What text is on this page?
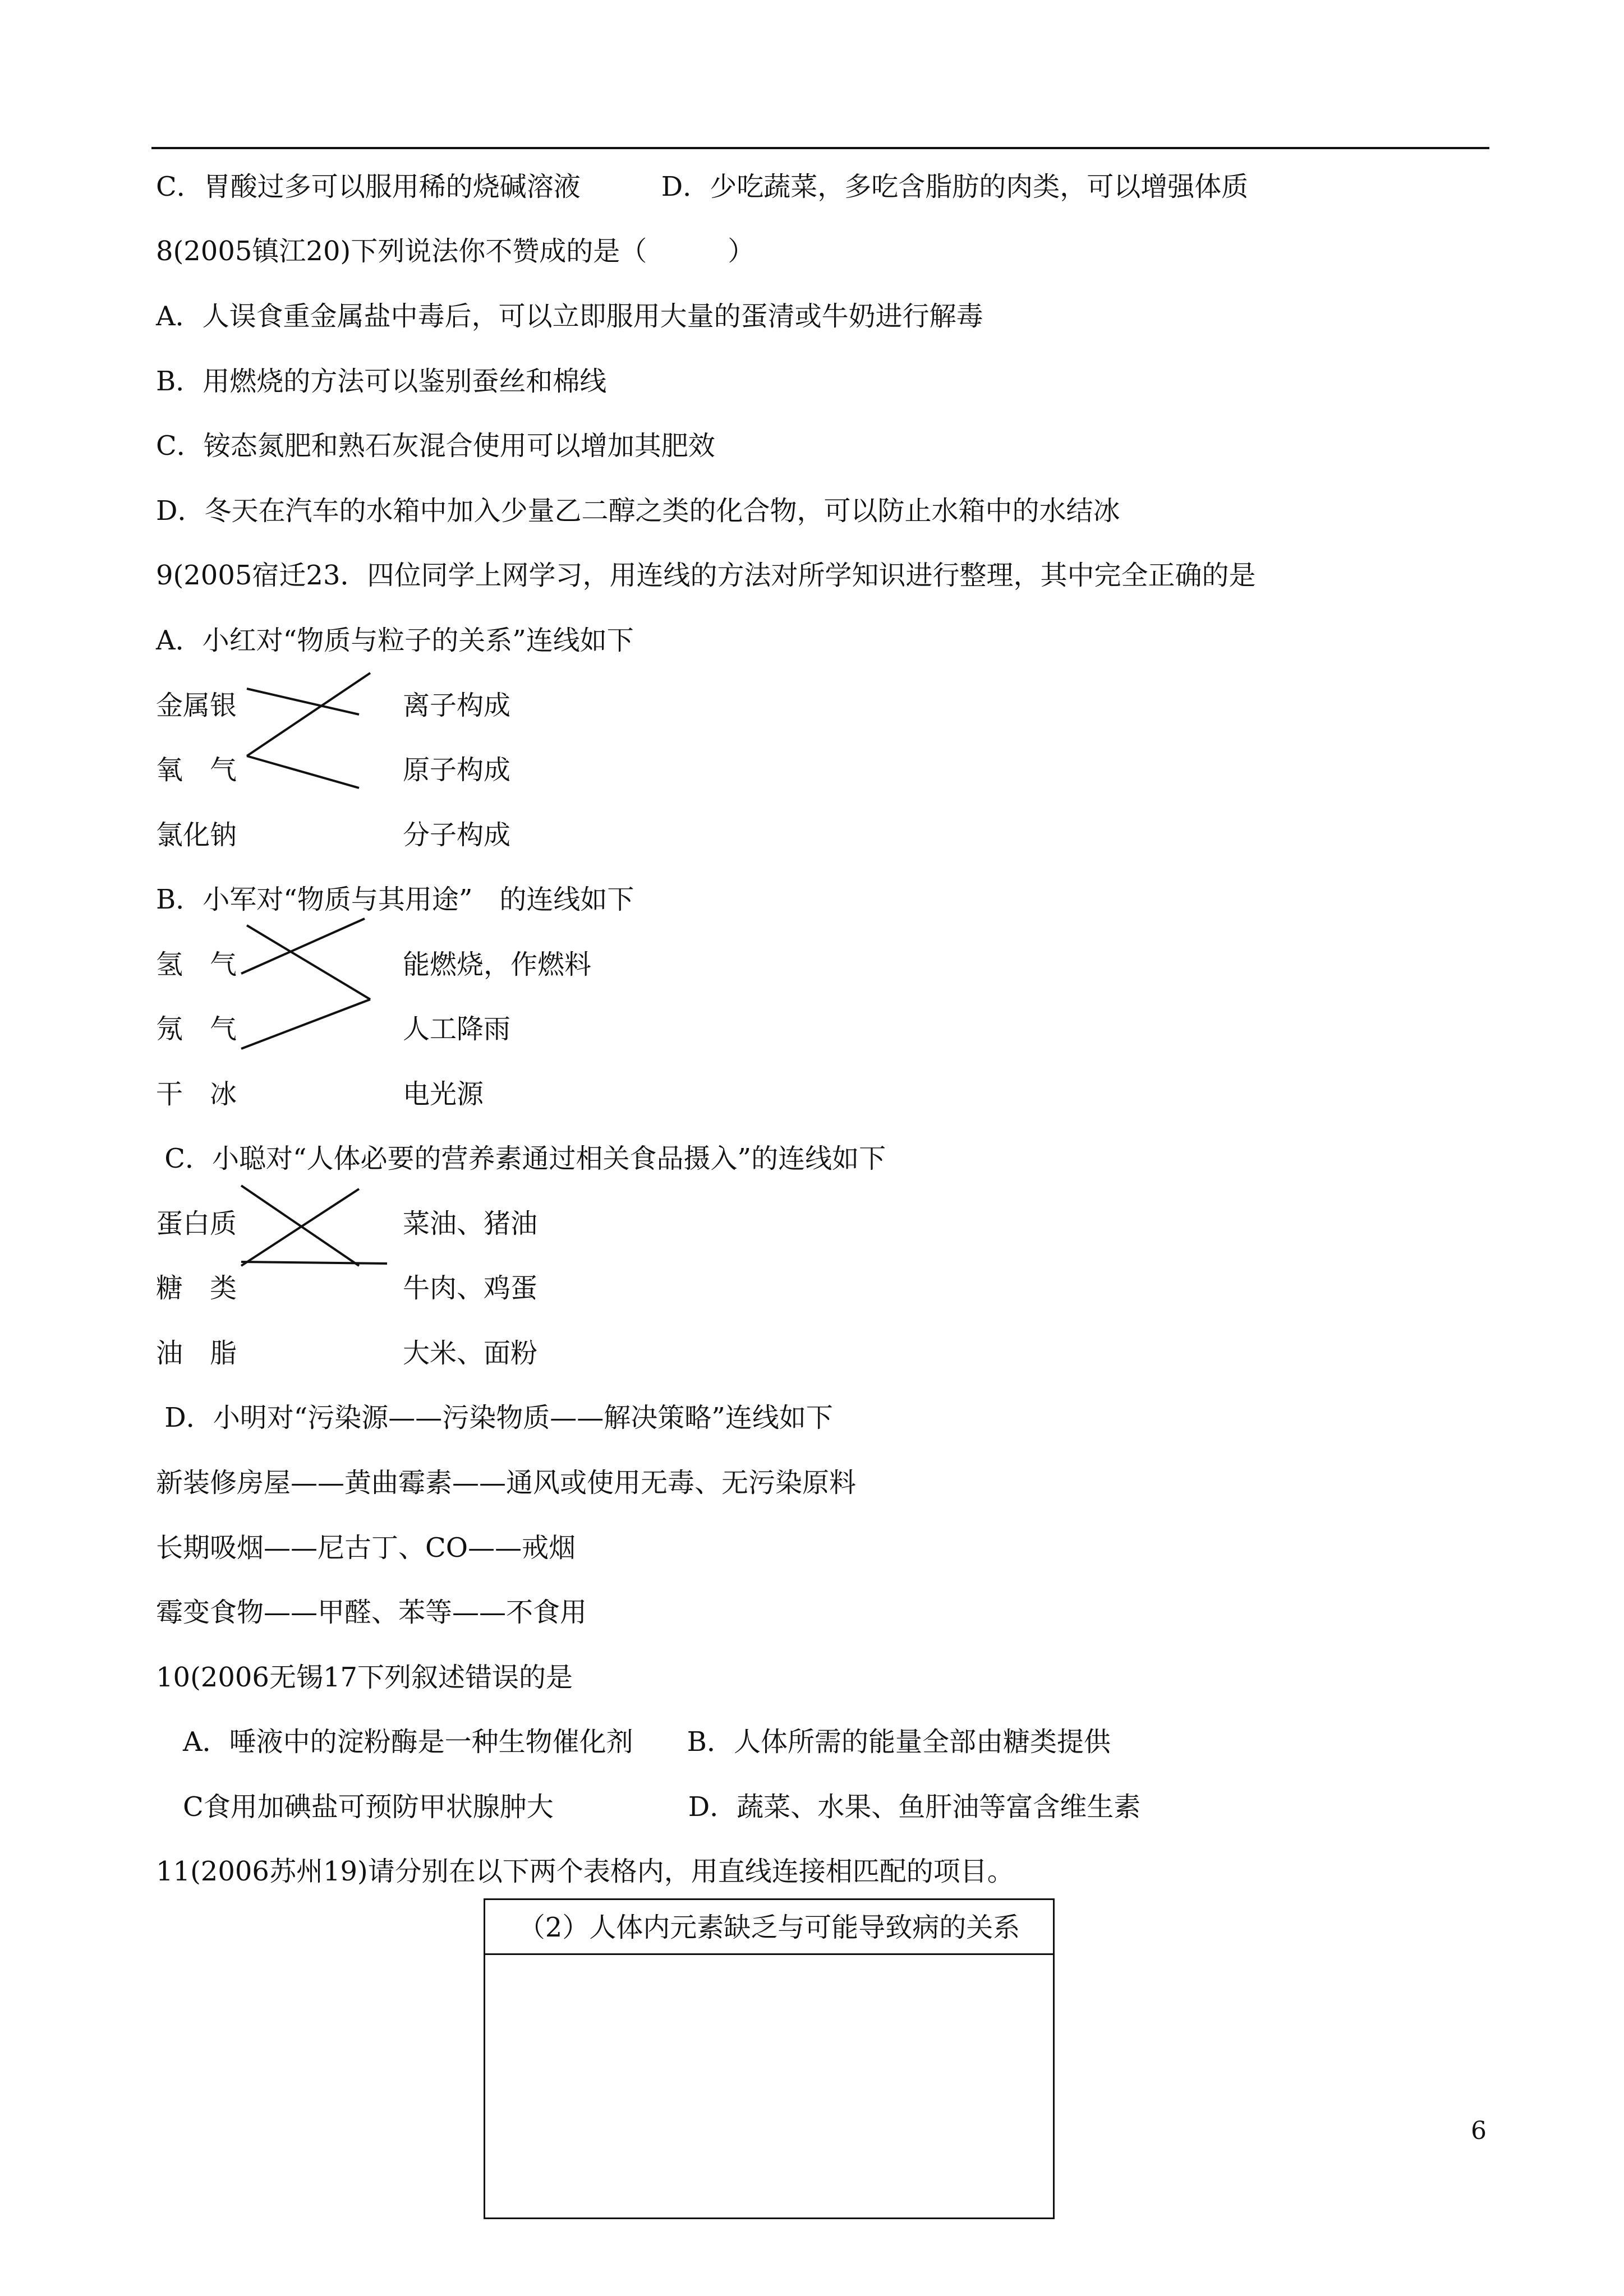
C．胃酸过多可以服用稀的烧碱溶液　　　D．少吃蔬菜，多吃含脂肪的肉类，可以增强体质
8(2005镇江20)下列说法你不赞成的是（　　　）
A．人误食重金属盐中毒后，可以立即服用大量的蛋清或牛奶进行解毒
B．用燃烧的方法可以鉴别蚕丝和棉线
C．铵态氮肥和熟石灰混合使用可以增加其肥效
D．冬天在汽车的水箱中加入少量乙二醇之类的化合物，可以防止水箱中的水结冰
9(2005宿迁23．四位同学上网学习，用连线的方法对所学知识进行整理，其中完全正确的是
A．小红对“物质与粒子的关系”连线如下
金属银	离子构成
氧　气	原子构成
氯化钠	分子构成
B．小军对“物质与其用途”　的连线如下
氢　气	能燃烧，作燃料
氖　气	人工降雨
干　冰	电光源
C．小聪对“人体必要的营养素通过相关食品摄入”的连线如下
蛋白质	菜油、猪油
糖　类	牛肉、鸡蛋
油　脂	大米、面粉
D．小明对“污染源——污染物质——解决策略”连线如下
新装修房屋——黄曲霉素——通风或使用无毒、无污染原料
长期吸烟——尼古丁、CO——戒烟
霉变食物——甲醛、苯等——不食用
10(2006无锡17下列叙述错误的是
　A．唾液中的淀粉酶是一种生物催化剂　　B．人体所需的能量全部由糖类提供
　C食用加碘盐可预防甲状腺肿大　　　　　D．蔬菜、水果、鱼肝油等富含维生素
11(2006苏州19)请分别在以下两个表格内，用直线连接相匹配的项目。
（2）人体内元素缺乏与可能导致病的关系
6
